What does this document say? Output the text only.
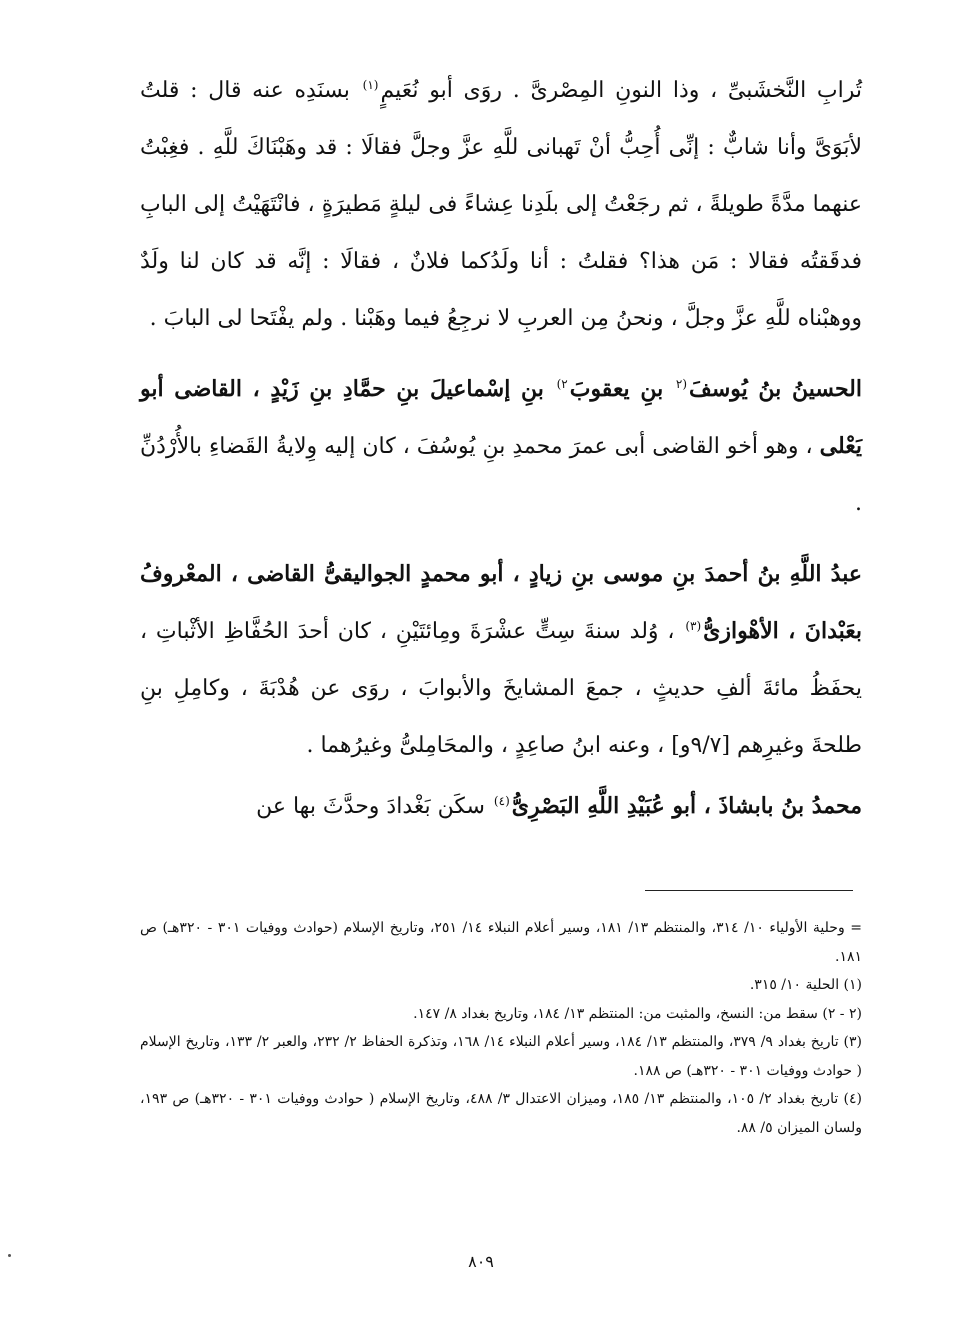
تُرابِ النَّخشَبىِّ ، وذا النونِ المِصْرىَّ . روَى أبو نُعَيمٍ$^{(١)}$ بسنَدِه عنه قال : قلتُ لأبَوَىَّ وأنا شابٌّ : إنِّى أُحِبُّ أنْ تَهبانى للَّهِ عزَّ وجلَّ فقالَا : قد وهَبْنَاكَ للَّهِ . فغِبْتُ عنهما مدَّةً طويلةً ، ثم رجَعْتُ إلى بلَدِنا عِشاءً فى ليلةٍ مَطيرَةٍ ، فانْتَهَيْتُ إلى البابِ فدقَقتُه فقالا : مَن هذا؟ فقلتُ : أنا ولَدُكما فلانٌ ، فقالَا : إنَّه قد كان لنا ولَدٌ ووهبْناه للَّهِ عزَّ وجلَّ ، ونحنُ مِن العربِ لا نرجِعُ فيما وهَبْنا . ولم يفْتَحا لى البابَ .

الحسينُ بنُ يُوسفَ$^{(٢}$ بنِ يعقوبَ$^{٢)}$ بنِ إسْماعيلَ بنِ حمَّادِ بنِ زَيْدٍ ، القاضى أبو يَعْلى ، وهو أخو القاضى أبى عمرَ محمدِ بنِ يُوسُفَ ، كان إليه وِلايةُ القَضاءِ بالأُرْدُنِّ .

عبدُ اللَّهِ بنُ أحمدَ بنِ موسى بنِ زيادٍ ، أبو محمدٍ الجواليقىُّ القاضى ، المعْروفُ بعَبْدانَ ، الأهْوازىُّ$^{(٣)}$ ، وُلد سنةَ سِتٍّ عشْرَةَ ومِائتَيْنِ ، كان أحدَ الحُفَّاظِ الأثْباتِ ، يحفَظُ مائةَ ألفِ حديثٍ ، جمعَ المشايخَ والأبوابَ ، روَى عن هُدْبَةَ ، وكامِلِ بنِ طلحةَ وغيرِهم [٩/٧و] ، وعنه ابنُ صاعِدٍ ، والمحَامِلىُّ وغيرُهما .

محمدُ بنُ بابشاذَ ، أبو عُبَيْدِ اللَّهِ البَصْرِىُّ$^{(٤)}$ سكَن بَغْدادَ وحدَّثَ بها عن

= وحلية الأولياء ١٠/ ٣١٤، والمنتظم ١٣/ ١٨١، وسير أعلام النبلاء ١٤/ ٢٥١، وتاريخ الإسلام (حوادث ووفيات ٣٠١ - ٣٢٠هـ) ص ١٨١.
(١) الحلية ١٠/ ٣١٥.
(٢ - ٢) سقط من: النسخ، والمثبت من: المنتظم ١٣/ ١٨٤، وتاريخ بغداد ٨/ ١٤٧.
(٣) تاريخ بغداد ٩/ ٣٧٩، والمنتظم ١٣/ ١٨٤، وسير أعلام النبلاء ١٤/ ١٦٨، وتذكرة الحفاظ ٢/ ٢٣٢، والعبر ٢/ ١٣٣، وتاريخ الإسلام ( حوادث ووفيات ٣٠١ - ٣٢٠هـ) ص ١٨٨.
(٤) تاريخ بغداد ٢/ ١٠٥، والمنتظم ١٣/ ١٨٥، وميزان الاعتدال ٣/ ٤٨٨، وتاريخ الإسلام ( حوادث ووفيات ٣٠١ - ٣٢٠هـ) ص ١٩٣، ولسان الميزان ٥/ ٨٨.
٨٠٩
